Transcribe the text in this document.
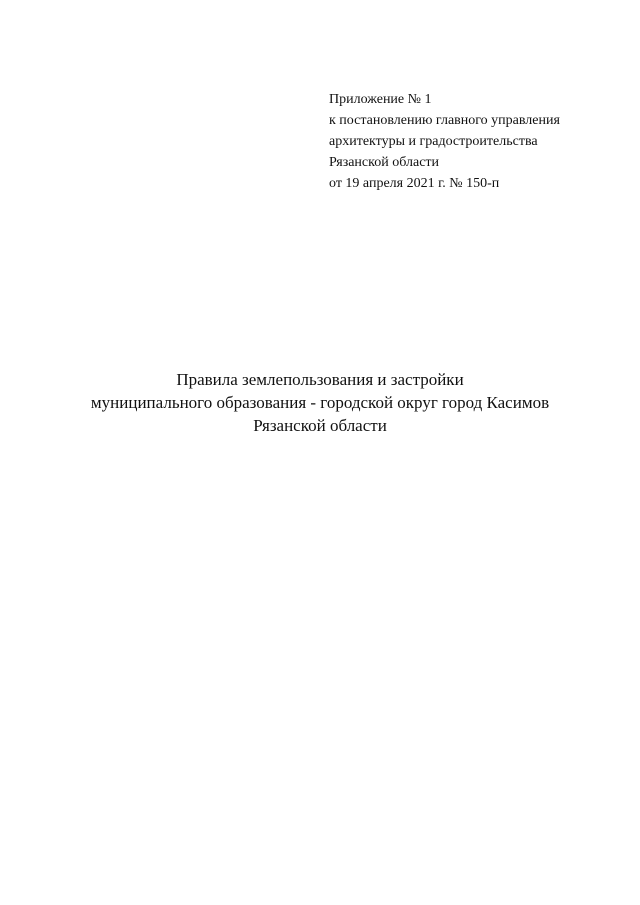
Приложение № 1
к постановлению главного управления
архитектуры и градостроительства
Рязанской области
от 19 апреля 2021 г. № 150-п
Правила землепользования и застройки
муниципального образования - городской округ город Касимов
Рязанской области
